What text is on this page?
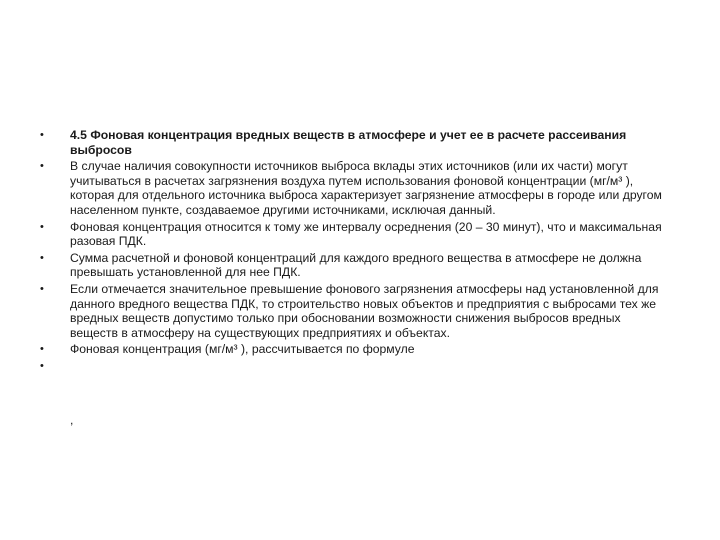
•	4.5 Фоновая концентрация вредных веществ в атмосфере и учет ее в расчете рассеивания выбросов
•	В случае наличия совокупности источников выброса вклады этих источников (или их части) могут учитываться в расчетах загрязнения воздуха путем использования фоновой концентрации (мг/м³ ), которая для отдельного источника выброса характеризует загрязнение атмосферы в городе или другом населенном пункте, создаваемое другими источниками, исключая данный.
•	Фоновая концентрация относится к тому же интервалу осреднения (20 – 30 минут), что и максимальная разовая ПДК.
•	Сумма расчетной и фоновой концентраций для каждого вредного вещества в атмосфере не должна превышать установленной для нее ПДК.
•	Если отмечается значительное превышение фонового загрязнения атмосферы над установленной для данного вредного вещества ПДК, то строительство новых объектов и предприятия с выбросами тех же вредных веществ допустимо только при обосновании возможности снижения выбросов вредных веществ в атмосферу на существующих предприятиях и объектах.
•	Фоновая концентрация (мг/м³ ), рассчитывается по формуле
•
,
